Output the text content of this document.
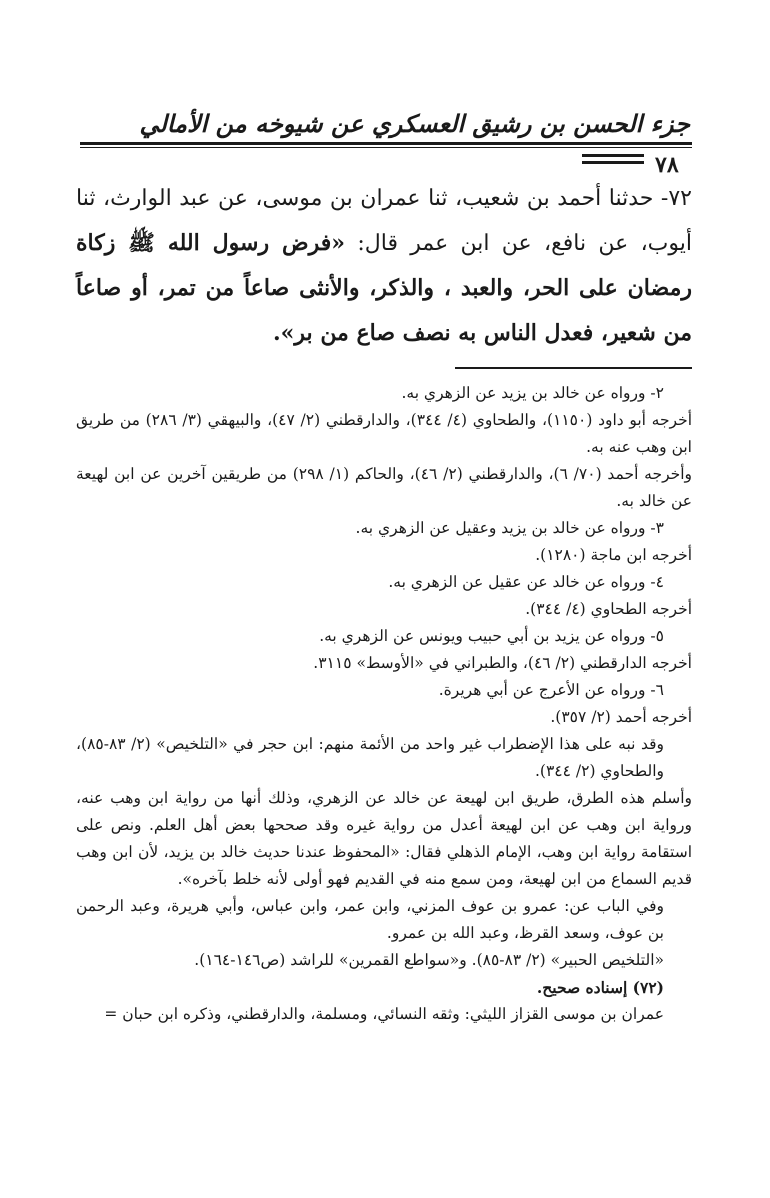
جزء الحسن بن رشيق العسكري عن شيوخه من الأمالي
٧٨

٧٢- حدثنا أحمد بن شعيب، ثنا عمران بن موسى، عن عبد الوارث، ثنا أيوب، عن نافع، عن ابن عمر قال: «فرض رسول الله ﷺ زكاة رمضان على الحر، والعبد ، والذكر، والأنثى صاعاً من تمر، أو صاعاً من شعير، فعدل الناس به نصف صاع من بر».

٢- ورواه عن خالد بن يزيد عن الزهري به.

أخرجه أبو داود (١١٥٠)، والطحاوي (٤/ ٣٤٤)، والدارقطني (٢/ ٤٧)، والبيهقي (٣/ ٢٨٦) من طريق ابن وهب عنه به.

وأخرجه أحمد (٧٠/ ٦)، والدارقطني (٢/ ٤٦)، والحاكم (١/ ٢٩٨) من طريقين آخرين عن ابن لهيعة عن خالد به.

٣- ورواه عن خالد بن يزيد وعقيل عن الزهري به.

أخرجه ابن ماجة (١٢٨٠).

٤- ورواه عن خالد عن عقيل عن الزهري به.

أخرجه الطحاوي (٤/ ٣٤٤).

٥- ورواه عن يزيد بن أبي حبيب ويونس عن الزهري به.

أخرجه الدارقطني (٢/ ٤٦)، والطبراني في «الأوسط» ٣١١٥.

٦- ورواه عن الأعرج عن أبي هريرة.

أخرجه أحمد (٢/ ٣٥٧).

وقد نبه على هذا الإضطراب غير واحد من الأئمة منهم: ابن حجر في «التلخيص» (٢/ ٨٣-٨٥)، والطحاوي (٢/ ٣٤٤).

وأسلم هذه الطرق، طريق ابن لهيعة عن خالد عن الزهري، وذلك أنها من رواية ابن وهب عنه، ورواية ابن وهب عن ابن لهيعة أعدل من رواية غيره وقد صححها بعض أهل العلم. ونص على استقامة رواية ابن وهب، الإمام الذهلي فقال: «المحفوظ عندنا حديث خالد بن يزيد، لأن ابن وهب قديم السماع من ابن لهيعة، ومن سمع منه في القديم فهو أولى لأنه خلط بآخره».

وفي الباب عن: عمرو بن عوف المزني، وابن عمر، وابن عباس، وأبي هريرة، وعبد الرحمن بن عوف، وسعد القرظ، وعبد الله بن عمرو.

«التلخيص الحبير» (٢/ ٨٣-٨٥). و«سواطع القمرين» للراشد (ص١٤٦-١٦٤).

(٧٢) إسناده صحيح.

عمران بن موسى القزاز الليثي: وثقه النسائي، ومسلمة، والدارقطني، وذكره ابن حبان =
